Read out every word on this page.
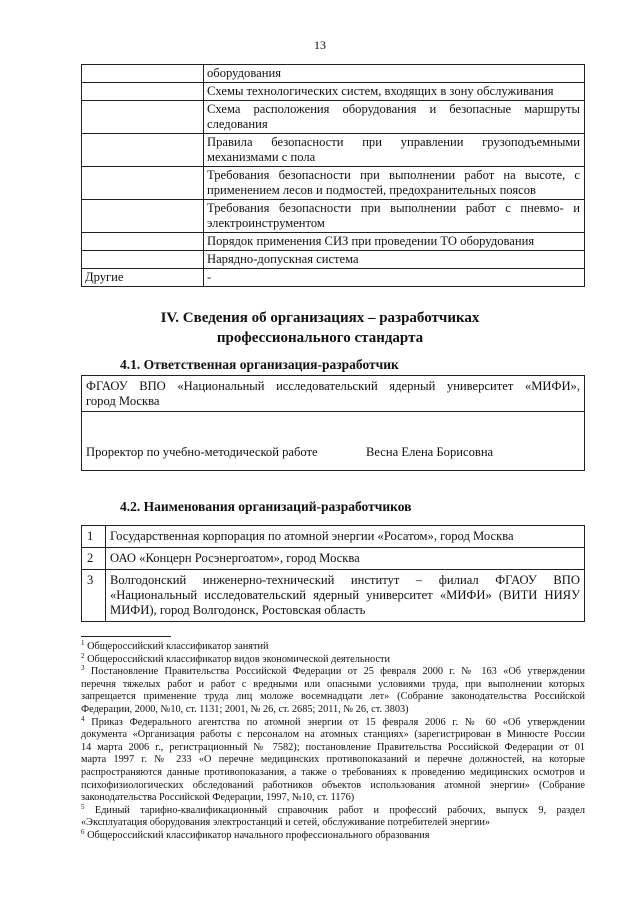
13

	оборудования

	Схемы технологических систем, входящих в зону обслуживания

	Схема расположения оборудования и безопасные маршруты
следования

	Правила безопасности при управлении грузоподъемными
механизмами с пола

	Требования безопасности при выполнении работ на высоте, с
применением лесов и подмостей, предохранительных поясов

	Требования безопасности при выполнении работ с пневмо- и
электроинструментом

	Порядок применения СИЗ при проведении ТО оборудования

	Нарядно-допускная система

Другие	-
IV. Сведения об организациях – разработчиках
профессионального стандарта
4.1. Ответственная организация-разработчик
ФГАОУ ВПО «Национальный исследовательский ядерный университет «МИФИ»,
город Москва
Проректор по учебно-методической работе	Весна Елена Борисовна
4.2. Наименования организаций-разработчиков
1	Государственная корпорация по атомной энергии «Росатом», город Москва

2	ОАО «Концерн Росэнергоатом», город Москва

3	Волгодонский инженерно-технический институт – филиал ФГАОУ ВПО
«Национальный исследовательский ядерный университет «МИФИ» (ВИТИ НИЯУ
МИФИ), город Волгодонск, Ростовская область
$^1$ Общероссийский классификатор занятий
$^2$ Общероссийский классификатор видов экономической деятельности
$^3$ Постановление Правительства Российской Федерации от 25 февраля 2000 г. № 163 «Об утверждении
перечня тяжелых работ и работ с вредными или опасными условиями труда, при выполнении которых
запрещается применение труда лиц моложе восемнадцати лет» (Собрание законодательства Российской
Федерации, 2000, №10, ст. 1131; 2001, № 26, ст. 2685; 2011, № 26, ст. 3803)
$^4$ Приказ Федерального агентства по атомной энергии от 15 февраля 2006 г. № 60 «Об утверждении
документа «Организация работы с персоналом на атомных станциях» (зарегистрирован в Минюсте России
14 марта 2006 г., регистрационный № 7582); постановление Правительства Российской Федерации от 01
марта 1997 г. № 233 «О перечне медицинских противопоказаний и перечне должностей, на которые
распространяются данные противопоказания, а также о требованиях к проведению медицинских осмотров и
психофизиологических обследований работников объектов использования атомной энергии» (Собрание
законодательства Российской Федерации, 1997, №10, ст. 1176)
$^5$ Единый тарифно-квалификационный справочник работ и профессий рабочих, выпуск 9, раздел
«Эксплуатация оборудования электростанций и сетей, обслуживание потребителей энергии»
$^6$ Общероссийский классификатор начального профессионального образования
